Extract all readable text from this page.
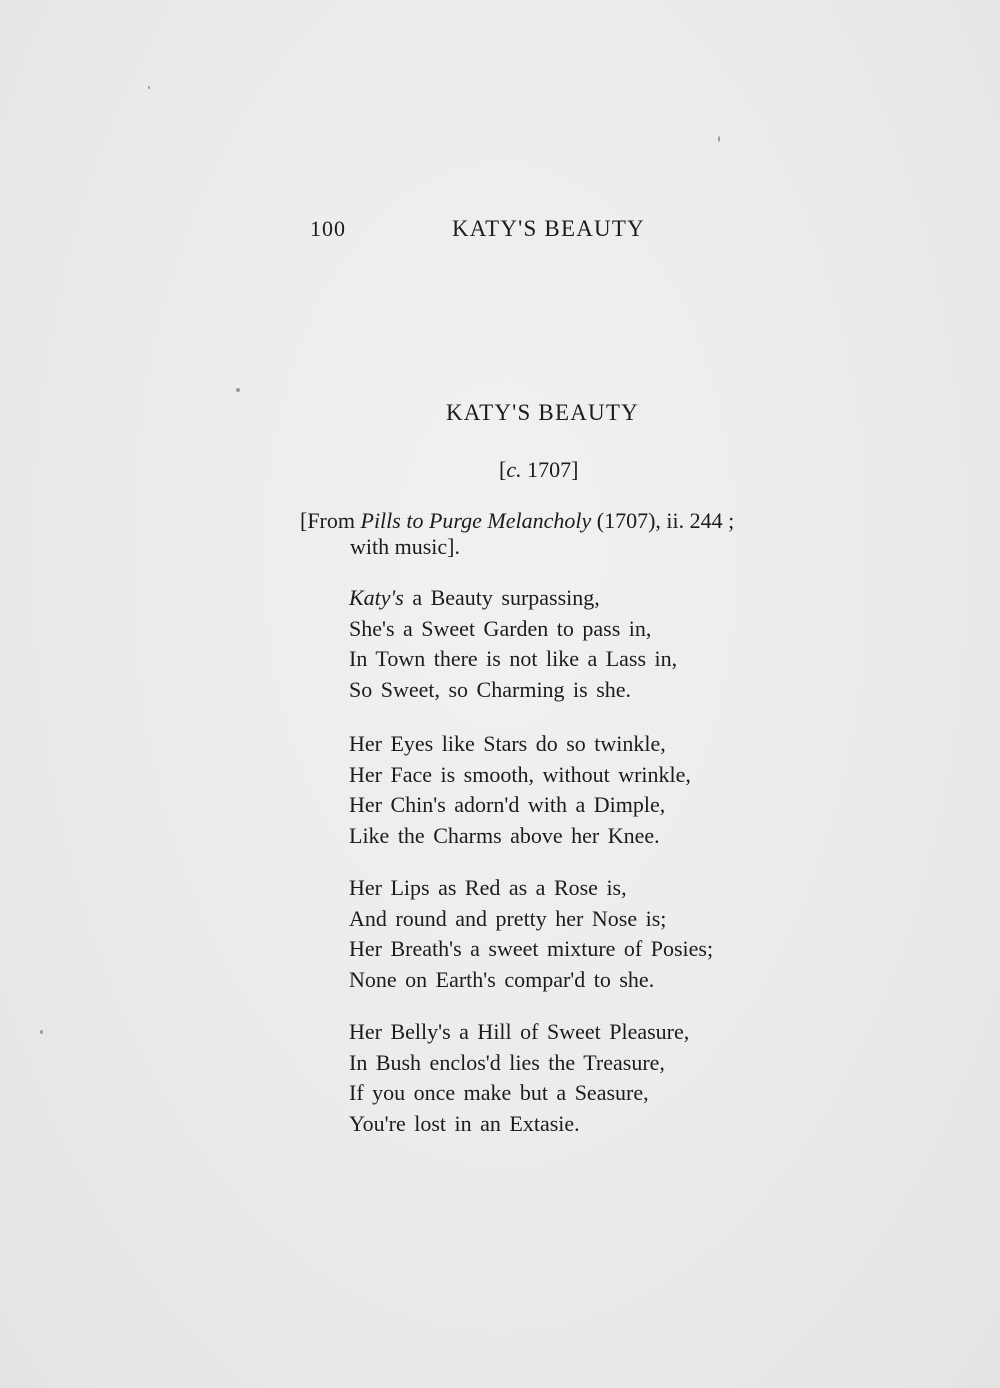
100	KATY'S BEAUTY
KATY'S BEAUTY
[c. 1707]
[From Pills to Purge Melancholy (1707), ii. 244 ;
with music].
Katy's a Beauty surpassing,
She's a Sweet Garden to pass in,
In Town there is not like a Lass in,
So Sweet, so Charming is she.
Her Eyes like Stars do so twinkle,
Her Face is smooth, without wrinkle,
Her Chin's adorn'd with a Dimple,
Like the Charms above her Knee.
Her Lips as Red as a Rose is,
And round and pretty her Nose is;
Her Breath's a sweet mixture of Posies;
None on Earth's compar'd to she.
Her Belly's a Hill of Sweet Pleasure,
In Bush enclos'd lies the Treasure,
If you once make but a Seasure,
You're lost in an Extasie.
